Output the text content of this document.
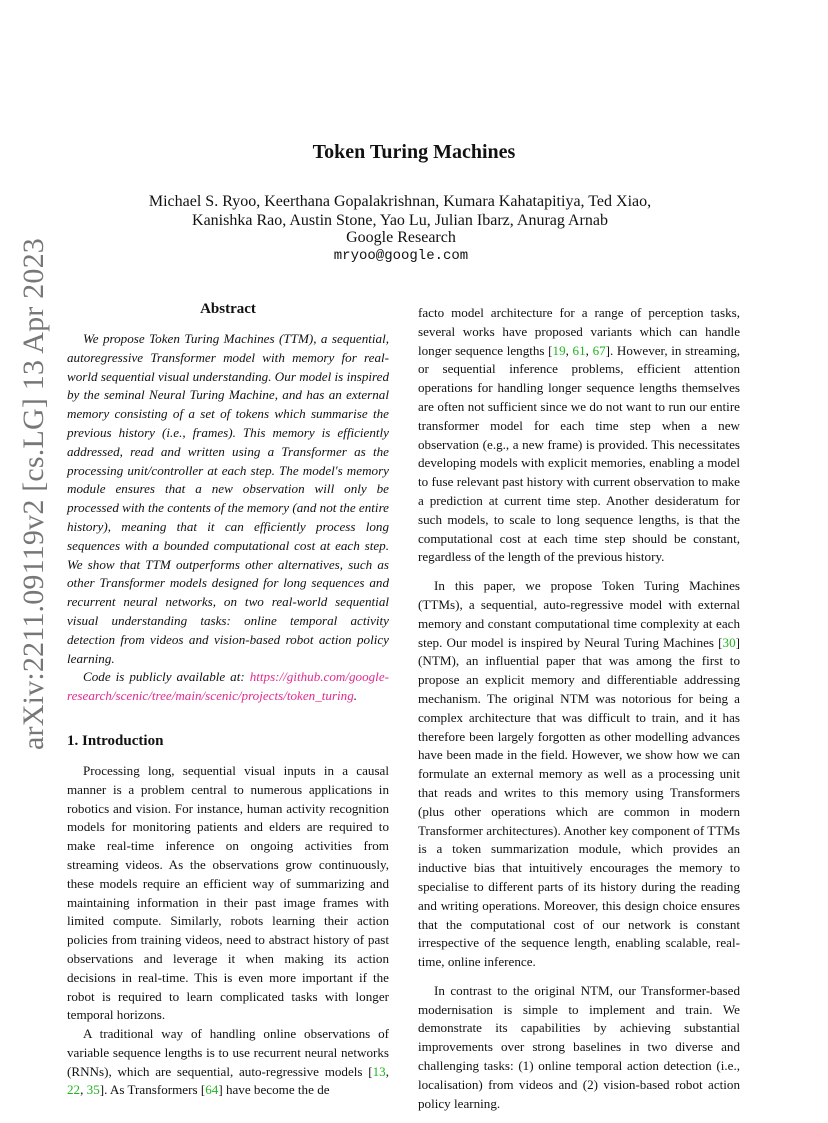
arXiv:2211.09119v2 [cs.LG] 13 Apr 2023
Token Turing Machines
Michael S. Ryoo, Keerthana Gopalakrishnan, Kumara Kahatapitiya, Ted Xiao,
Kanishka Rao, Austin Stone, Yao Lu, Julian Ibarz, Anurag Arnab
Google Research
mryoo@google.com
Abstract

We propose Token Turing Machines (TTM), a sequential, autoregressive Transformer model with memory for real-world sequential visual understanding. Our model is inspired by the seminal Neural Turing Machine, and has an external memory consisting of a set of tokens which summarise the previous history (i.e., frames). This memory is efficiently addressed, read and written using a Transformer as the processing unit/controller at each step. The model's memory module ensures that a new observation will only be processed with the contents of the memory (and not the entire history), meaning that it can efficiently process long sequences with a bounded computational cost at each step. We show that TTM outperforms other alternatives, such as other Transformer models designed for long sequences and recurrent neural networks, on two real-world sequential visual understanding tasks: online temporal activity detection from videos and vision-based robot action policy learning.

Code is publicly available at: https://github.com/google-research/scenic/tree/main/scenic/projects/token_turing.

1. Introduction

Processing long, sequential visual inputs in a causal manner is a problem central to numerous applications in robotics and vision. For instance, human activity recognition models for monitoring patients and elders are required to make real-time inference on ongoing activities from streaming videos. As the observations grow continuously, these models require an efficient way of summarizing and maintaining information in their past image frames with limited compute. Similarly, robots learning their action policies from training videos, need to abstract history of past observations and leverage it when making its action decisions in real-time. This is even more important if the robot is required to learn complicated tasks with longer temporal horizons.

A traditional way of handling online observations of variable sequence lengths is to use recurrent neural networks (RNNs), which are sequential, auto-regressive models [13, 22, 35]. As Transformers [64] have become the de

facto model architecture for a range of perception tasks, several works have proposed variants which can handle longer sequence lengths [19, 61, 67]. However, in streaming, or sequential inference problems, efficient attention operations for handling longer sequence lengths themselves are often not sufficient since we do not want to run our entire transformer model for each time step when a new observation (e.g., a new frame) is provided. This necessitates developing models with explicit memories, enabling a model to fuse relevant past history with current observation to make a prediction at current time step. Another desideratum for such models, to scale to long sequence lengths, is that the computational cost at each time step should be constant, regardless of the length of the previous history.

In this paper, we propose Token Turing Machines (TTMs), a sequential, auto-regressive model with external memory and constant computational time complexity at each step. Our model is inspired by Neural Turing Machines [30] (NTM), an influential paper that was among the first to propose an explicit memory and differentiable addressing mechanism. The original NTM was notorious for being a complex architecture that was difficult to train, and it has therefore been largely forgotten as other modelling advances have been made in the field. However, we show how we can formulate an external memory as well as a processing unit that reads and writes to this memory using Transformers (plus other operations which are common in modern Transformer architectures). Another key component of TTMs is a token summarization module, which provides an inductive bias that intuitively encourages the memory to specialise to different parts of its history during the reading and writing operations. Moreover, this design choice ensures that the computational cost of our network is constant irrespective of the sequence length, enabling scalable, real-time, online inference.

In contrast to the original NTM, our Transformer-based modernisation is simple to implement and train. We demonstrate its capabilities by achieving substantial improvements over strong baselines in two diverse and challenging tasks: (1) online temporal action detection (i.e., localisation) from videos and (2) vision-based robot action policy learning.
